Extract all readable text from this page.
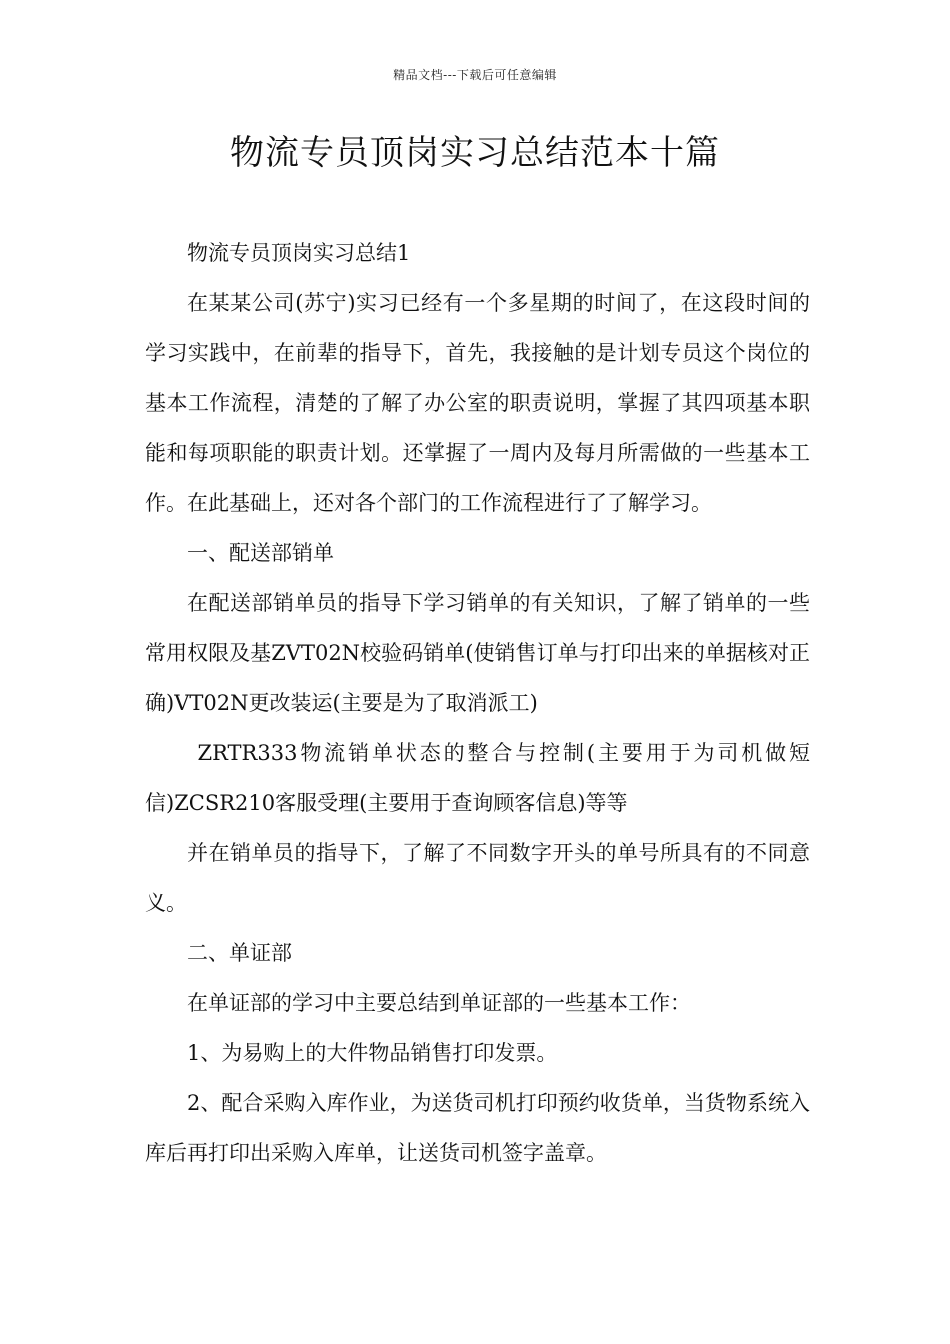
精品文档---下载后可任意编辑
物流专员顶岗实习总结范本十篇

物流专员顶岗实习总结1

在某某公司(苏宁)实习已经有一个多星期的时间了，在这段时间的学习实践中，在前辈的指导下，首先，我接触的是计划专员这个岗位的基本工作流程，清楚的了解了办公室的职责说明，掌握了其四项基本职能和每项职能的职责计划。还掌握了一周内及每月所需做的一些基本工作。在此基础上，还对各个部门的工作流程进行了了解学习。

一、配送部销单

在配送部销单员的指导下学习销单的有关知识，了解了销单的一些常用权限及基ZVT02N校验码销单(使销售订单与打印出来的单据核对正确)VT02N更改装运(主要是为了取消派工)

ZRTR333物流销单状态的整合与控制(主要用于为司机做短信)ZCSR210客服受理(主要用于查询顾客信息)等等

并在销单员的指导下，了解了不同数字开头的单号所具有的不同意义。

二、单证部

在单证部的学习中主要总结到单证部的一些基本工作：

1、为易购上的大件物品销售打印发票。

2、配合采购入库作业，为送货司机打印预约收货单，当货物系统入库后再打印出采购入库单，让送货司机签字盖章。
